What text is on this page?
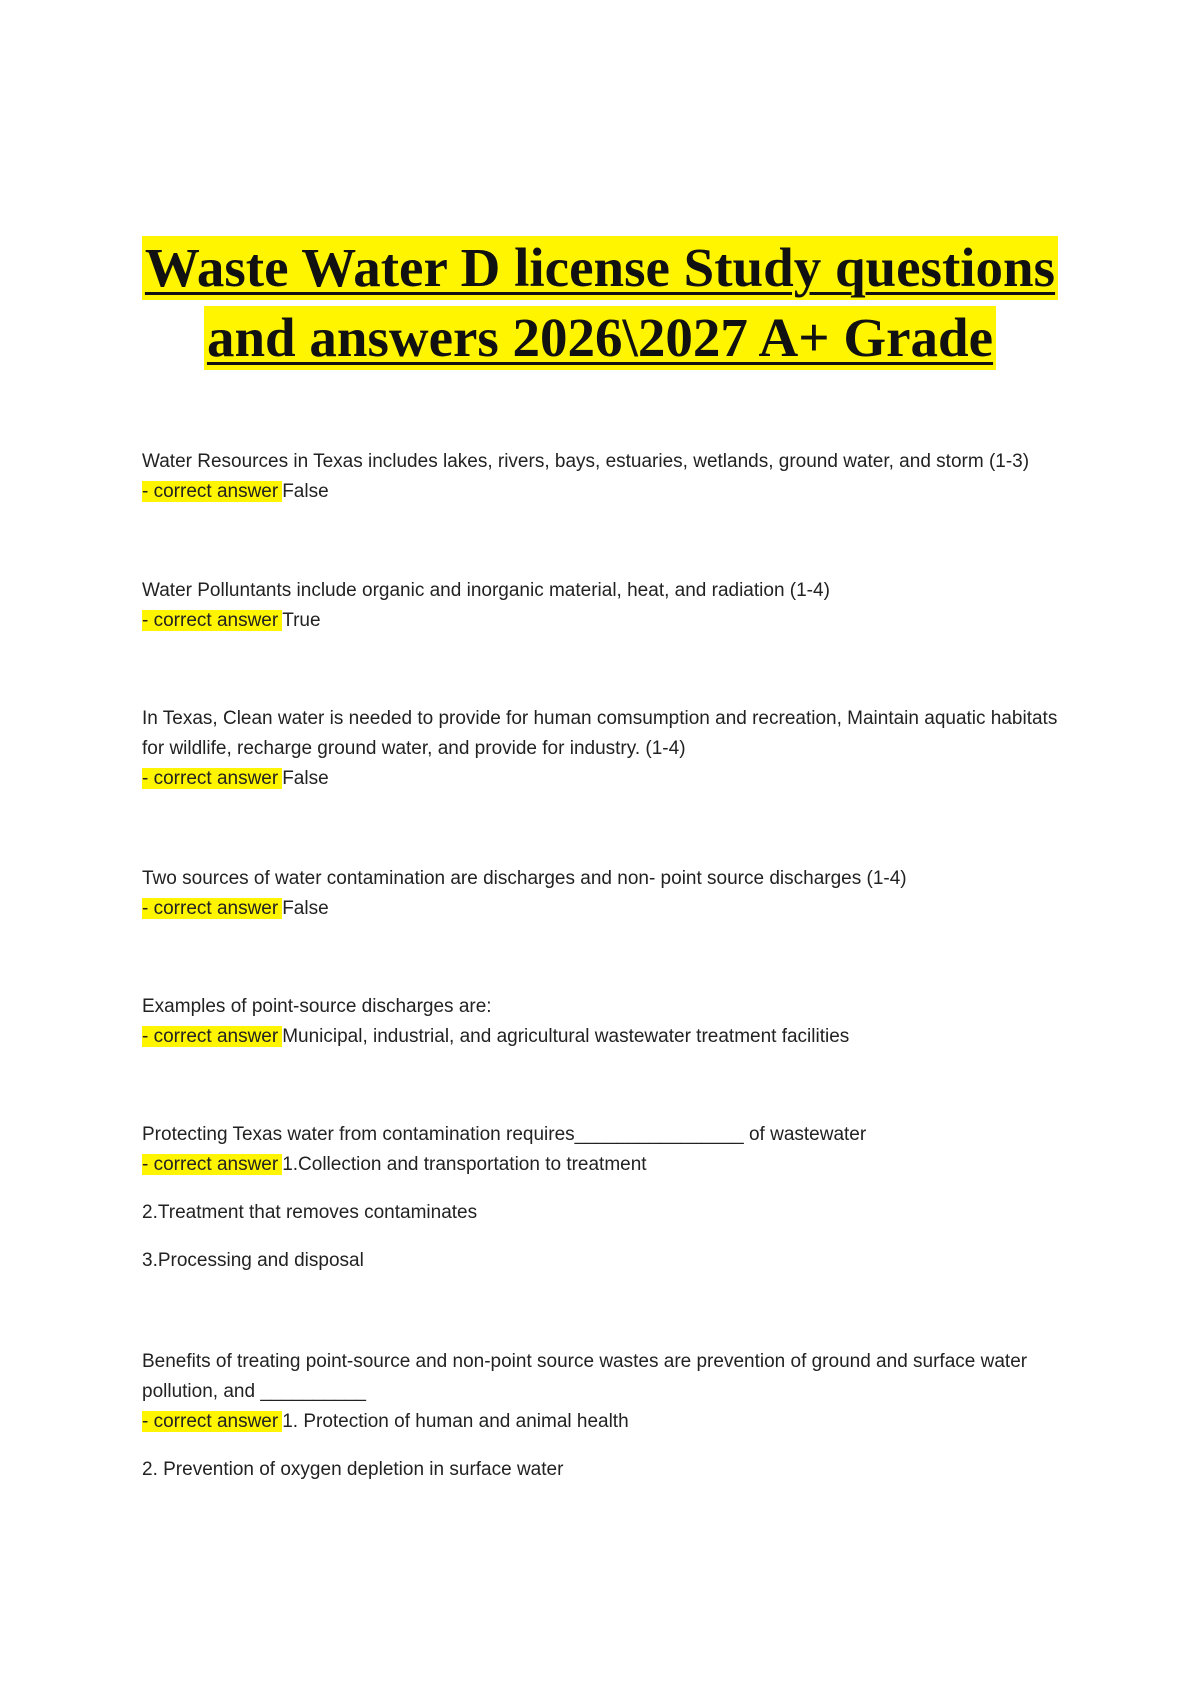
Waste Water D license Study questions
and answers 2026\2027 A+ Grade

Water Resources in Texas includes lakes, rivers, bays, estuaries, wetlands, ground water, and storm (1-3)

- correct answer False

Water Polluntants include organic and inorganic material, heat, and radiation (1-4)

- correct answer True

In Texas, Clean water is needed to provide for human comsumption and recreation, Maintain aquatic habitats for wildlife, recharge ground water, and provide for industry. (1-4)

- correct answer False

Two sources of water contamination are discharges and non- point source discharges (1-4)

- correct answer False

Examples of point-source discharges are:

- correct answer Municipal, industrial, and agricultural wastewater treatment facilities

Protecting Texas water from contamination requires________________ of wastewater

- correct answer 1.Collection and transportation to treatment

2.Treatment that removes contaminates

3.Processing and disposal

Benefits of treating point-source and non-point source wastes are prevention of ground and surface water pollution, and __________

- correct answer 1. Protection of human and animal health

2. Prevention of oxygen depletion in surface water
